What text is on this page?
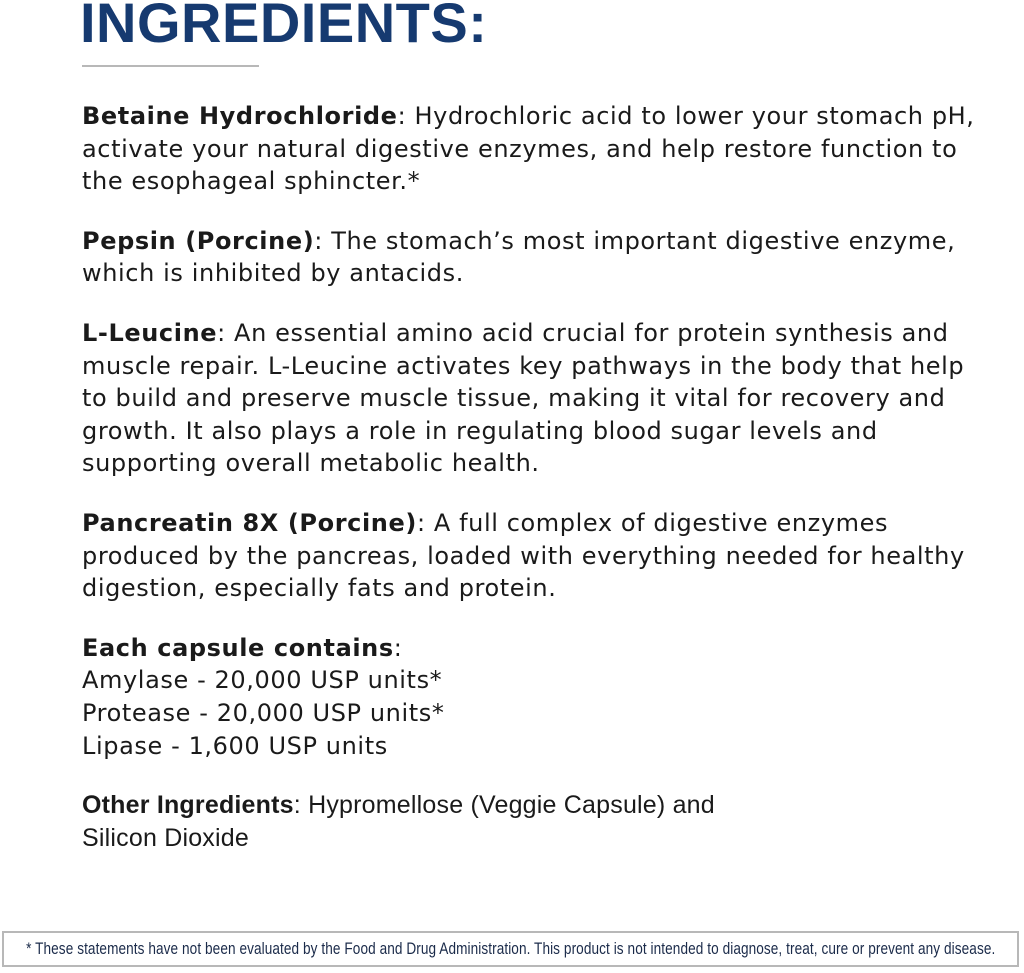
INGREDIENTS:

Betaine Hydrochloride: Hydrochloric acid to lower your stomach pH, activate your natural digestive enzymes, and help restore function to the esophageal sphincter.*

Pepsin (Porcine): The stomach’s most important digestive enzyme, which is inhibited by antacids.

L-Leucine: An essential amino acid crucial for protein synthesis and muscle repair. L-Leucine activates key pathways in the body that help to build and preserve muscle tissue, making it vital for recovery and growth. It also plays a role in regulating blood sugar levels and supporting overall metabolic health.

Pancreatin 8X (Porcine): A full complex of digestive enzymes produced by the pancreas, loaded with everything needed for healthy digestion, especially fats and protein.

Each capsule contains:
Amylase - 20,000 USP units*
Protease - 20,000 USP units*
Lipase - 1,600 USP units

Other Ingredients: Hypromellose (Veggie Capsule) and
Silicon Dioxide

* These statements have not been evaluated by the Food and Drug Administration. This product is not intended to diagnose, treat, cure or prevent any disease.
